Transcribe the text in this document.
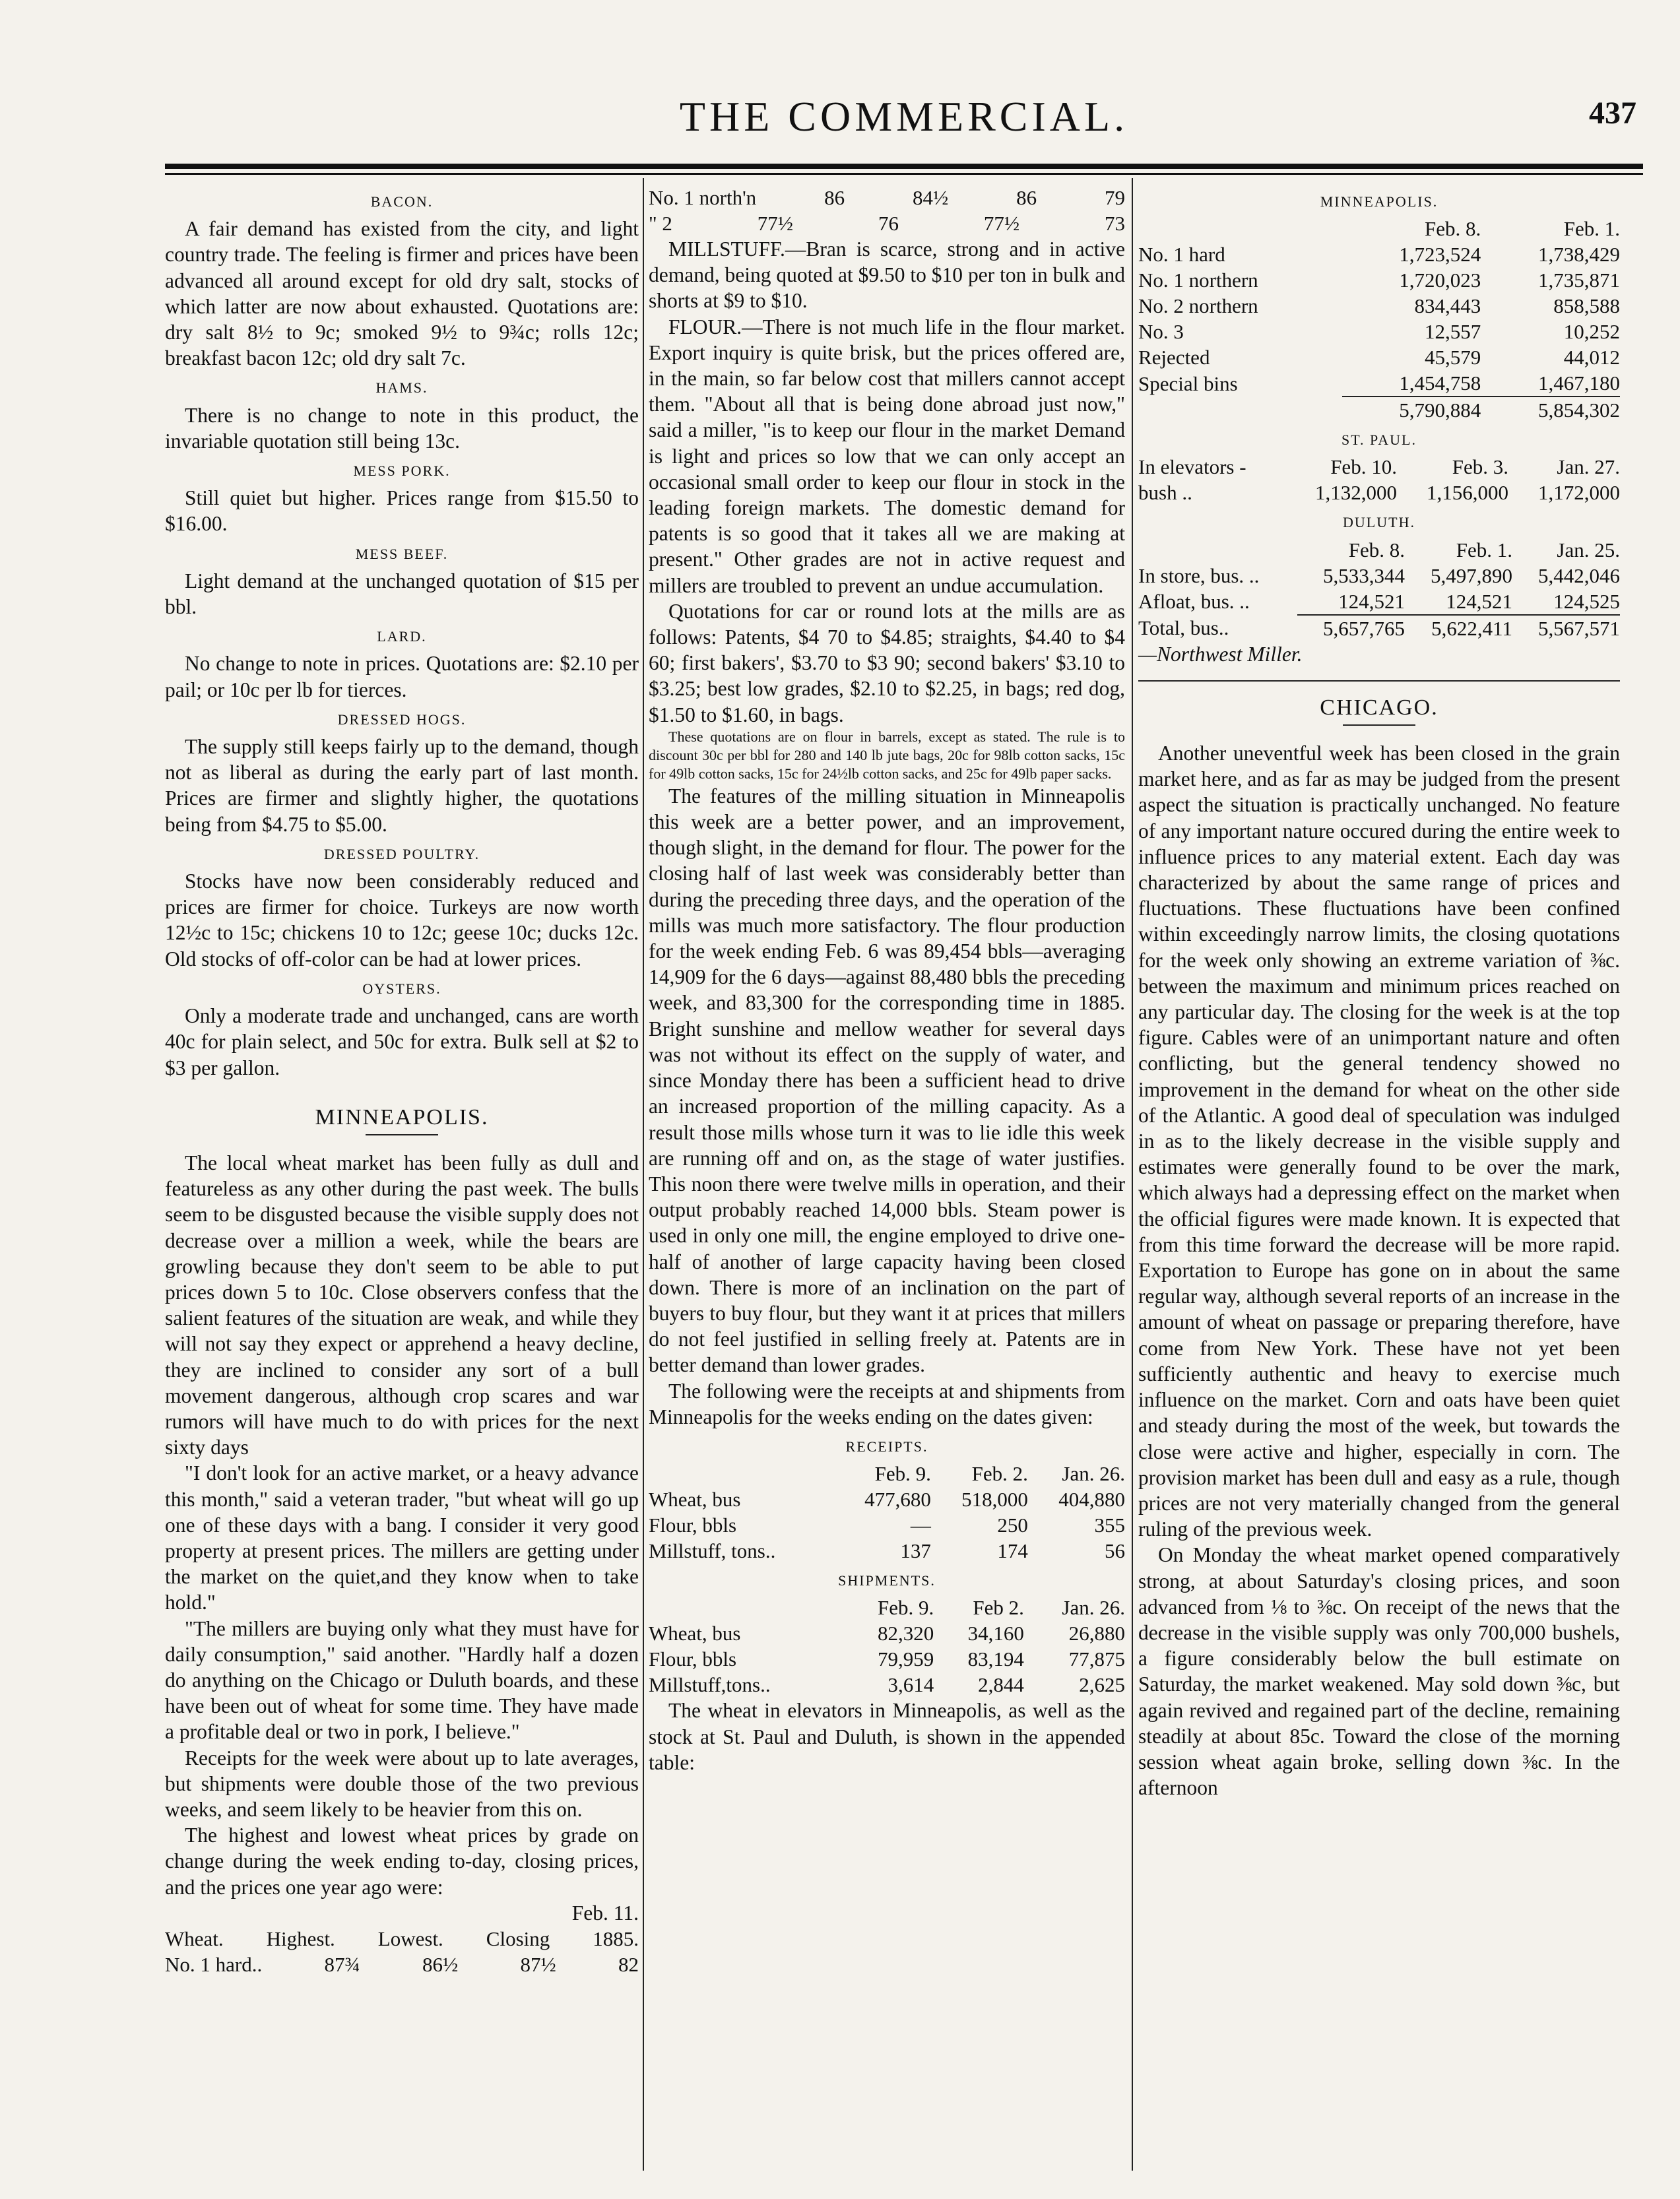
THE COMMERCIAL.	437
BACON.

A fair demand has existed from the city, and light country trade. The feeling is firmer and prices have been advanced all around except for old dry salt, stocks of which latter are now about exhausted. Quotations are: dry salt 8½ to 9c; smoked 9½ to 9¾c; rolls 12c; breakfast bacon 12c; old dry salt 7c.

HAMS.

There is no change to note in this product, the invariable quotation still being 13c.

MESS PORK.

Still quiet but higher. Prices range from $15.50 to $16.00.

MESS BEEF.

Light demand at the unchanged quotation of $15 per bbl.

LARD.

No change to note in prices. Quotations are: $2.10 per pail; or 10c per lb for tierces.

DRESSED HOGS.

The supply still keeps fairly up to the demand, though not as liberal as during the early part of last month. Prices are firmer and slightly higher, the quotations being from $4.75 to $5.00.

DRESSED POULTRY.

Stocks have now been considerably reduced and prices are firmer for choice. Turkeys are now worth 12½c to 15c; chickens 10 to 12c; geese 10c; ducks 12c. Old stocks of off-color can be had at lower prices.

OYSTERS.

Only a moderate trade and unchanged, cans are worth 40c for plain select, and 50c for extra. Bulk sell at $2 to $3 per gallon.

MINNEAPOLIS.

The local wheat market has been fully as dull and featureless as any other during the past week. The bulls seem to be disgusted because the visible supply does not decrease over a million a week, while the bears are growling because they don't seem to be able to put prices down 5 to 10c. Close observers confess that the salient features of the situation are weak, and while they will not say they expect or apprehend a heavy decline, they are inclined to consider any sort of a bull movement dangerous, although crop scares and war rumors will have much to do with prices for the next sixty days

"I don't look for an active market, or a heavy advance this month," said a veteran trader, "but wheat will go up one of these days with a bang. I consider it very good property at present prices. The millers are getting under the market on the quiet,and they know when to take hold."

"The millers are buying only what they must have for daily consumption," said another. "Hardly half a dozen do anything on the Chicago or Duluth boards, and these have been out of wheat for some time. They have made a profitable deal or two in pork, I believe."

Receipts for the week were about up to late averages, but shipments were double those of the two previous weeks, and seem likely to be heavier from this on.

The highest and lowest wheat prices by grade on change during the week ending to-day, closing prices, and the prices one year ago were:

Feb. 11.
Wheat. Highest. Lowest. Closing 1885.
No. 1 hard..	87¾	86½	87½	82
No. 1 north'n	86	84½	86	79
" 2	77½	76	77½	73

MILLSTUFF.—Bran is scarce, strong and in active demand, being quoted at $9.50 to $10 per ton in bulk and shorts at $9 to $10.

FLOUR.—There is not much life in the flour market. Export inquiry is quite brisk, but the prices offered are, in the main, so far below cost that millers cannot accept them. "About all that is being done abroad just now," said a miller, "is to keep our flour in the market Demand is light and prices so low that we can only accept an occasional small order to keep our flour in stock in the leading foreign markets. The domestic demand for patents is so good that it takes all we are making at present." Other grades are not in active request and millers are troubled to prevent an undue accumulation.

Quotations for car or round lots at the mills are as follows: Patents, $4 70 to $4.85; straights, $4.40 to $4 60; first bakers', $3.70 to $3 90; second bakers' $3.10 to $3.25; best low grades, $2.10 to $2.25, in bags; red dog, $1.50 to $1.60, in bags.

These quotations are on flour in barrels, except as stated. The rule is to discount 30c per bbl for 280 and 140 lb jute bags, 20c for 98lb cotton sacks, 15c for 49lb cotton sacks, 15c for 24½lb cotton sacks, and 25c for 49lb paper sacks.

The features of the milling situation in Minneapolis this week are a better power, and an improvement, though slight, in the demand for flour. The power for the closing half of last week was considerably better than during the preceding three days, and the operation of the mills was much more satisfactory. The flour production for the week ending Feb. 6 was 89,454 bbls—averaging 14,909 for the 6 days—against 88,480 bbls the preceding week, and 83,300 for the corresponding time in 1885. Bright sunshine and mellow weather for several days was not without its effect on the supply of water, and since Monday there has been a sufficient head to drive an increased proportion of the milling capacity. As a result those mills whose turn it was to lie idle this week are running off and on, as the stage of water justifies. This noon there were twelve mills in operation, and their output probably reached 14,000 bbls. Steam power is used in only one mill, the engine employed to drive one-half of another of large capacity having been closed down. There is more of an inclination on the part of buyers to buy flour, but they want it at prices that millers do not feel justified in selling freely at. Patents are in better demand than lower grades.

The following were the receipts at and shipments from Minneapolis for the weeks ending on the dates given:

RECEIPTS.
	Feb. 9.	Feb. 2.	Jan. 26.
Wheat, bus	477,680	518,000	404,880
Flour, bbls	—	250	355
Millstuff, tons..	137	174	56
SHIPMENTS.
	Feb. 9.	Feb 2.	Jan. 26.
Wheat, bus	82,320	34,160	26,880
Flour, bbls	79,959	83,194	77,875
Millstuff,tons..	3,614	2,844	2,625

The wheat in elevators in Minneapolis, as well as the stock at St. Paul and Duluth, is shown in the appended table:

MINNEAPOLIS.
	Feb. 8.	Feb. 1.
No. 1 hard	1,723,524	1,738,429
No. 1 northern	1,720,023	1,735,871
No. 2 northern	834,443	858,588
No. 3	12,557	10,252
Rejected	45,579	44,012
Special bins	1,454,758	1,467,180
	5,790,884	5,854,302
ST. PAUL.
In elevators -	Feb. 10.	Feb. 3.	Jan. 27.
bush ..	1,132,000	1,156,000	1,172,000
DULUTH.
	Feb. 8.	Feb. 1.	Jan. 25.
In store, bus. ..	5,533,344	5,497,890	5,442,046
Afloat, bus. ..	124,521	124,521	124,525
Total, bus..	5,657,765	5,622,411	5,567,571
—Northwest Miller.
CHICAGO.

Another uneventful week has been closed in the grain market here, and as far as may be judged from the present aspect the situation is practically unchanged. No feature of any important nature occured during the entire week to influence prices to any material extent. Each day was characterized by about the same range of prices and fluctuations. These fluctuations have been confined within exceedingly narrow limits, the closing quotations for the week only showing an extreme variation of ⅜c. between the maximum and minimum prices reached on any particular day. The closing for the week is at the top figure. Cables were of an unimportant nature and often conflicting, but the general tendency showed no improvement in the demand for wheat on the other side of the Atlantic. A good deal of speculation was indulged in as to the likely decrease in the visible supply and estimates were generally found to be over the mark, which always had a depressing effect on the market when the official figures were made known. It is expected that from this time forward the decrease will be more rapid. Exportation to Europe has gone on in about the same regular way, although several reports of an increase in the amount of wheat on passage or preparing therefore, have come from New York. These have not yet been sufficiently authentic and heavy to exercise much influence on the market. Corn and oats have been quiet and steady during the most of the week, but towards the close were active and higher, especially in corn. The provision market has been dull and easy as a rule, though prices are not very materially changed from the general ruling of the previous week.

On Monday the wheat market opened comparatively strong, at about Saturday's closing prices, and soon advanced from ⅛ to ⅜c. On receipt of the news that the decrease in the visible supply was only 700,000 bushels, a figure considerably below the bull estimate on Saturday, the market weakened. May sold down ⅜c, but again revived and regained part of the decline, remaining steadily at about 85c. Toward the close of the morning session wheat again broke, selling down ⅜c. In the afternoon
